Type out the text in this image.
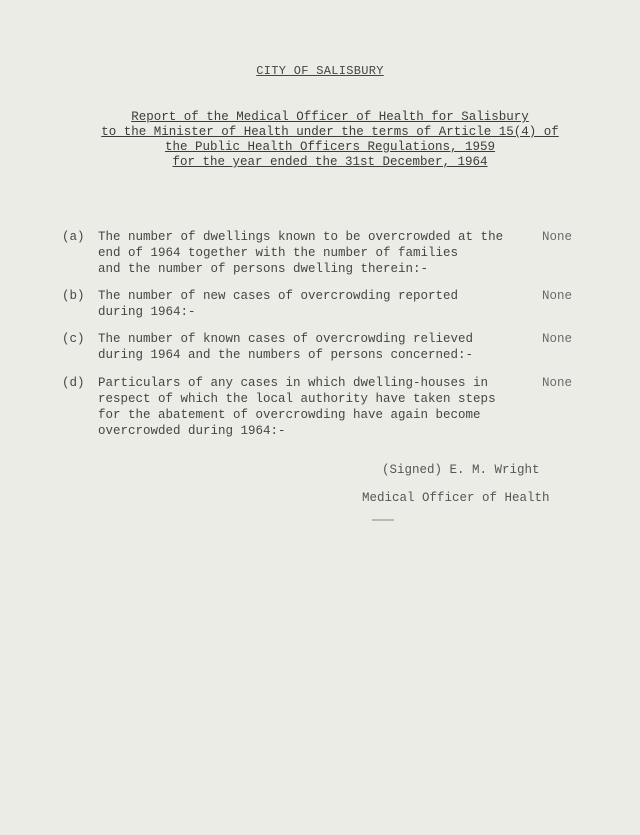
CITY OF SALISBURY
Report of the Medical Officer of Health for Salisbury
to the Minister of Health under the terms of Article 15(4) of
the Public Health Officers Regulations, 1959
for the year ended the 31st December, 1964
(a) The number of dwellings known to be overcrowded at the
end of 1964 together with the number of families
and the number of persons dwelling therein:-
None
(b) The number of new cases of overcrowding reported
during 1964:-
None
(c) The number of known cases of overcrowding relieved
during 1964 and the numbers of persons concerned:-
None
(d) Particulars of any cases in which dwelling-houses in
respect of which the local authority have taken steps
for the abatement of overcrowding have again become
overcrowded during 1964:-
None
(Signed) E. M. Wright
Medical Officer of Health
